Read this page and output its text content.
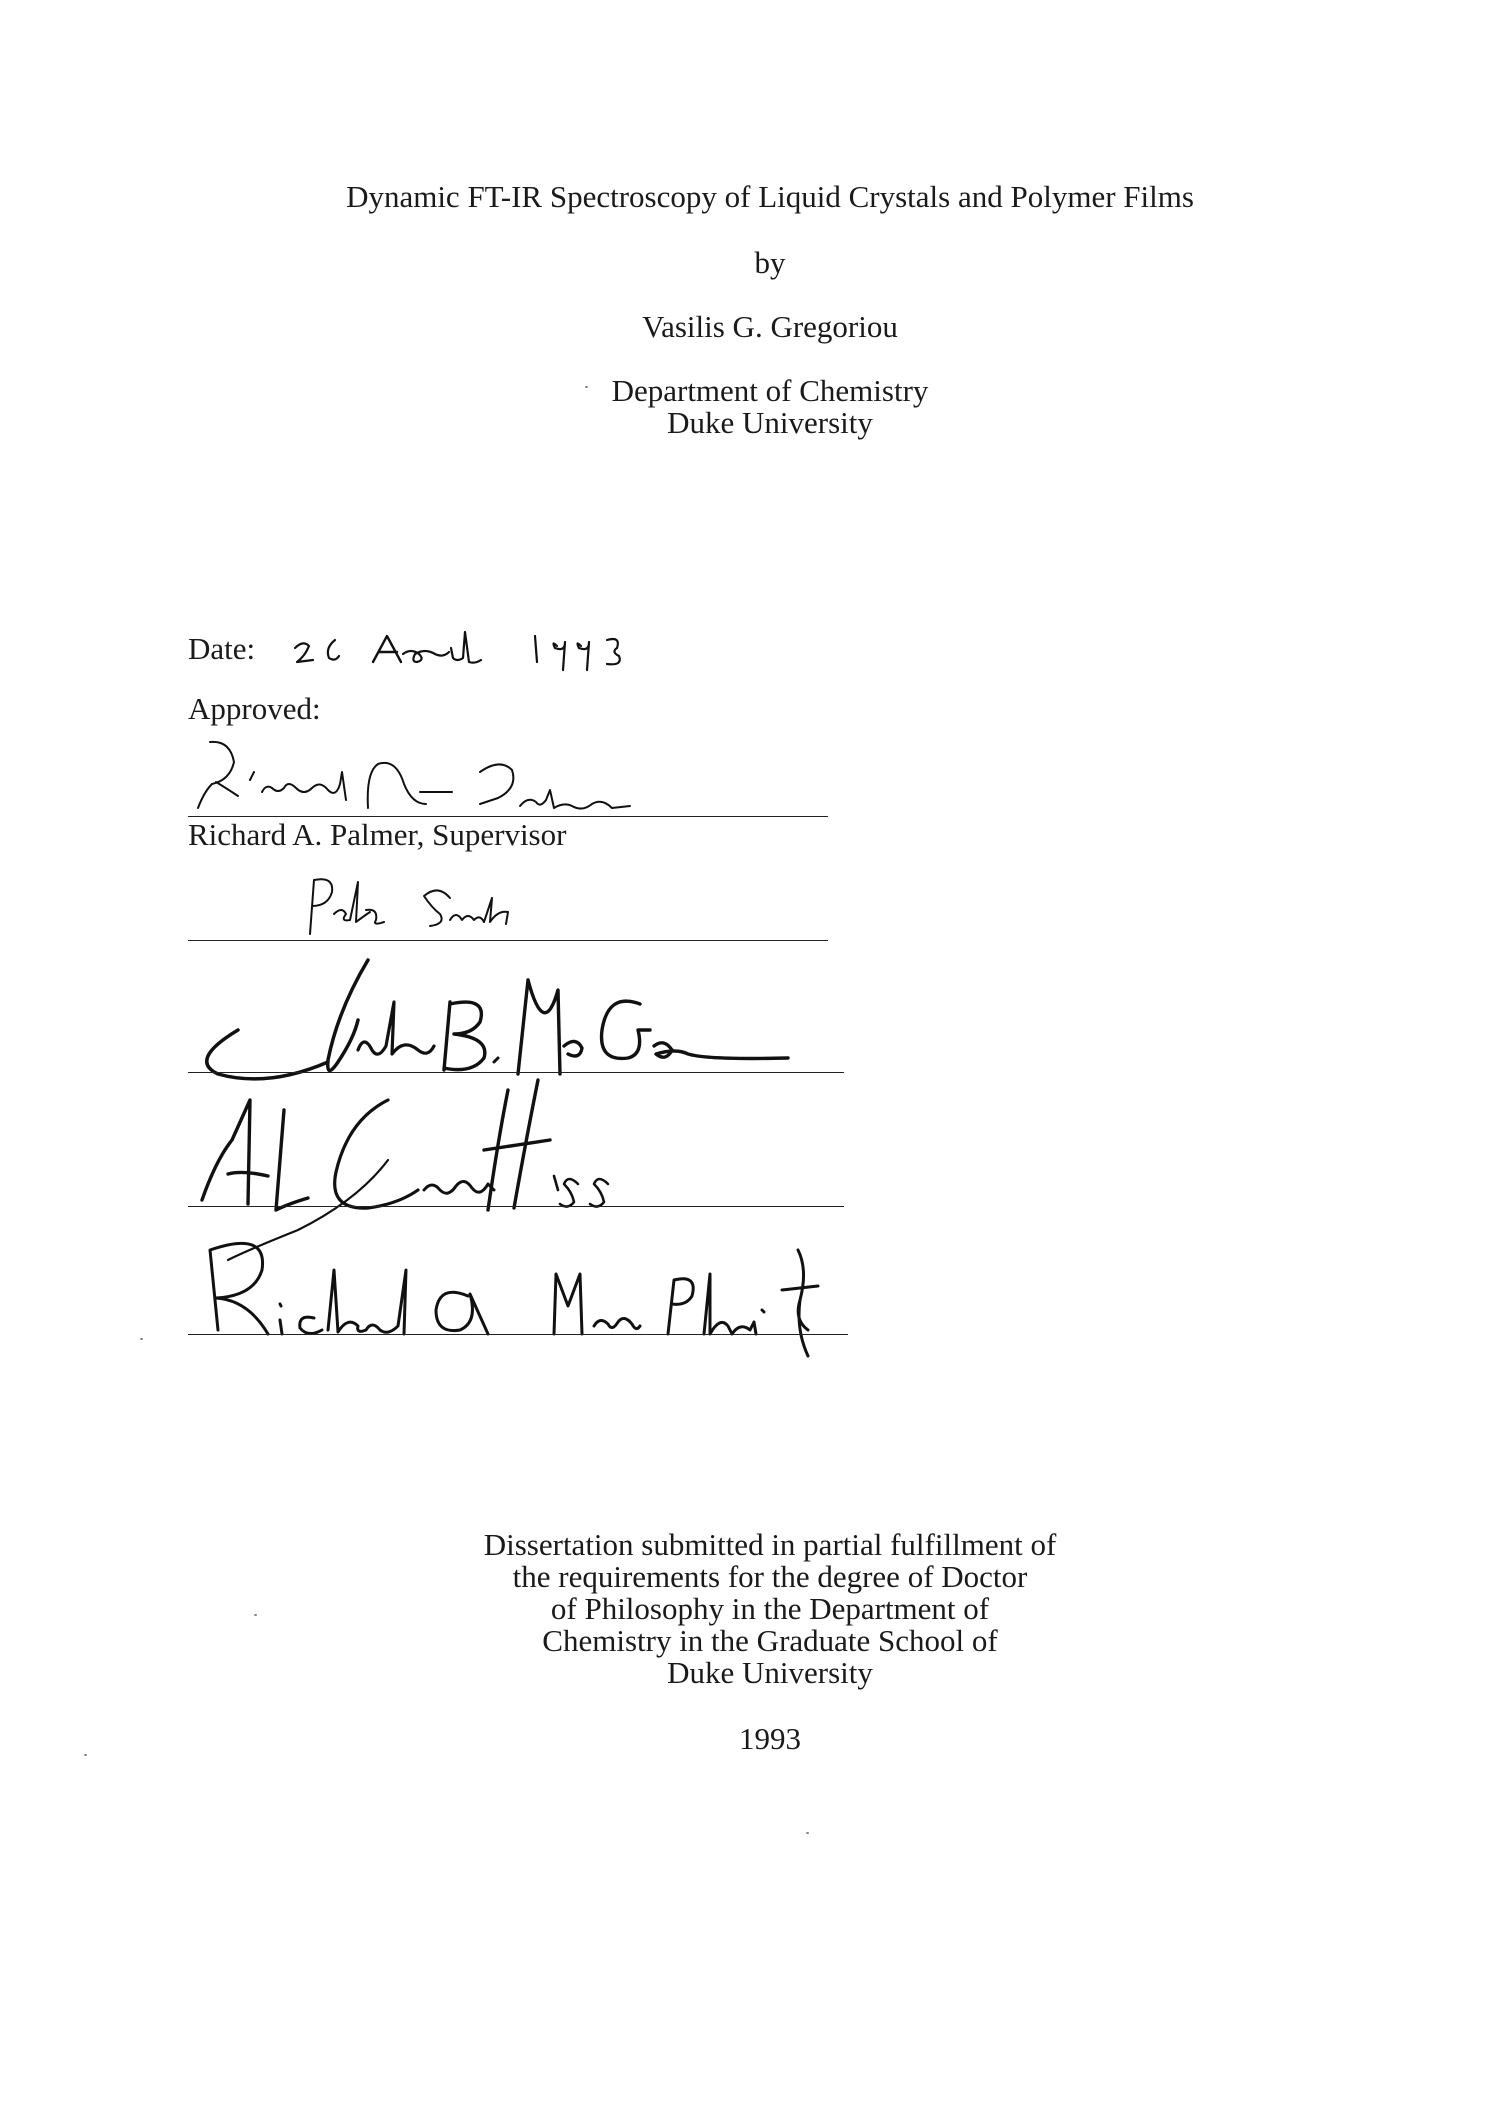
Dynamic FT-IR Spectroscopy of Liquid Crystals and Polymer Films
by
Vasilis G. Gregoriou
Department of Chemistry
Duke University
Date:
Approved:
Richard A. Palmer, Supervisor
Dissertation submitted in partial fulfillment of
the requirements for the degree of Doctor
of Philosophy in the Department of
Chemistry in the Graduate School of
Duke University
1993
